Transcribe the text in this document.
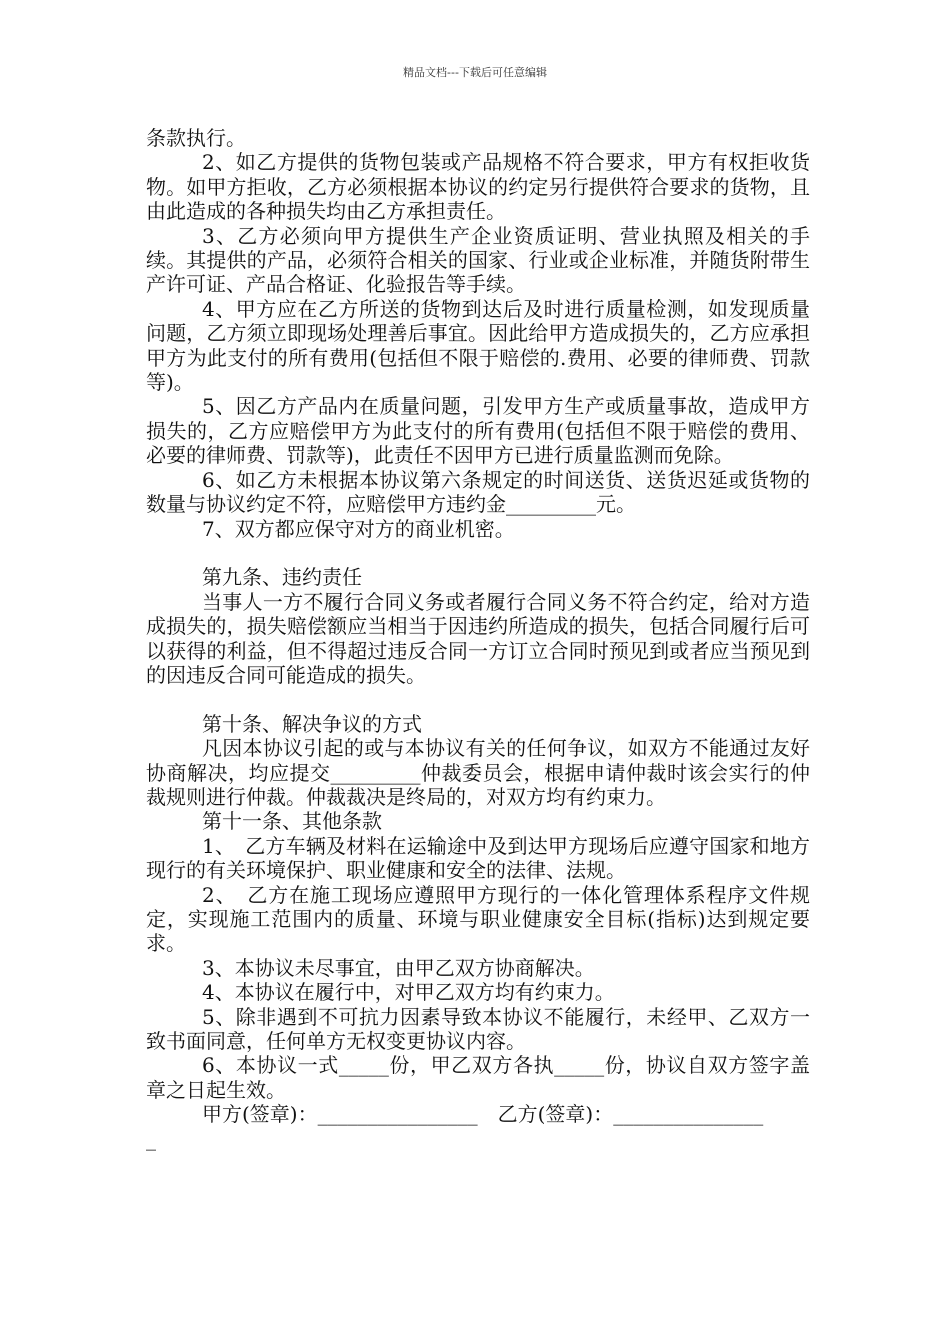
精品文档---下载后可任意编辑

条款执行。

2、如乙方提供的货物包装或产品规格不符合要求，甲方有权拒收货物。如甲方拒收，乙方必须根据本协议的约定另行提供符合要求的货物，且由此造成的各种损失均由乙方承担责任。

3、乙方必须向甲方提供生产企业资质证明、营业执照及相关的手续。其提供的产品，必须符合相关的国家、行业或企业标准，并随货附带生产许可证、产品合格证、化验报告等手续。

4、甲方应在乙方所送的货物到达后及时进行质量检测，如发现质量问题，乙方须立即现场处理善后事宜。因此给甲方造成损失的，乙方应承担甲方为此支付的所有费用(包括但不限于赔偿的.费用、必要的律师费、罚款等)。

5、因乙方产品内在质量问题，引发甲方生产或质量事故，造成甲方损失的，乙方应赔偿甲方为此支付的所有费用(包括但不限于赔偿的费用、必要的律师费、罚款等)，此责任不因甲方已进行质量监测而免除。

6、如乙方未根据本协议第六条规定的时间送货、送货迟延或货物的数量与协议约定不符，应赔偿甲方违约金_________元。

7、双方都应保守对方的商业机密。

第九条、违约责任

当事人一方不履行合同义务或者履行合同义务不符合约定，给对方造成损失的，损失赔偿额应当相当于因违约所造成的损失，包括合同履行后可以获得的利益，但不得超过违反合同一方订立合同时预见到或者应当预见到的因违反合同可能造成的损失。

第十条、解决争议的方式

凡因本协议引起的或与本协议有关的任何争议，如双方不能通过友好协商解决，均应提交_________仲裁委员会，根据申请仲裁时该会实行的仲裁规则进行仲裁。仲裁裁决是终局的，对双方均有约束力。

第十一条、其他条款

1、　乙方车辆及材料在运输途中及到达甲方现场后应遵守国家和地方现行的有关环境保护、职业健康和安全的法律、法规。

2、　乙方在施工现场应遵照甲方现行的一体化管理体系程序文件规定，实现施工范围内的质量、环境与职业健康安全目标(指标)达到规定要求。

3、本协议未尽事宜，由甲乙双方协商解决。

4、本协议在履行中，对甲乙双方均有约束力。

5、除非遇到不可抗力因素导致本协议不能履行，未经甲、乙双方一致书面同意，任何单方无权变更协议内容。

6、本协议一式_____份，甲乙双方各执_____份，协议自双方签字盖章之日起生效。

甲方(签章)：________________　乙方(签章)：_______________

_
